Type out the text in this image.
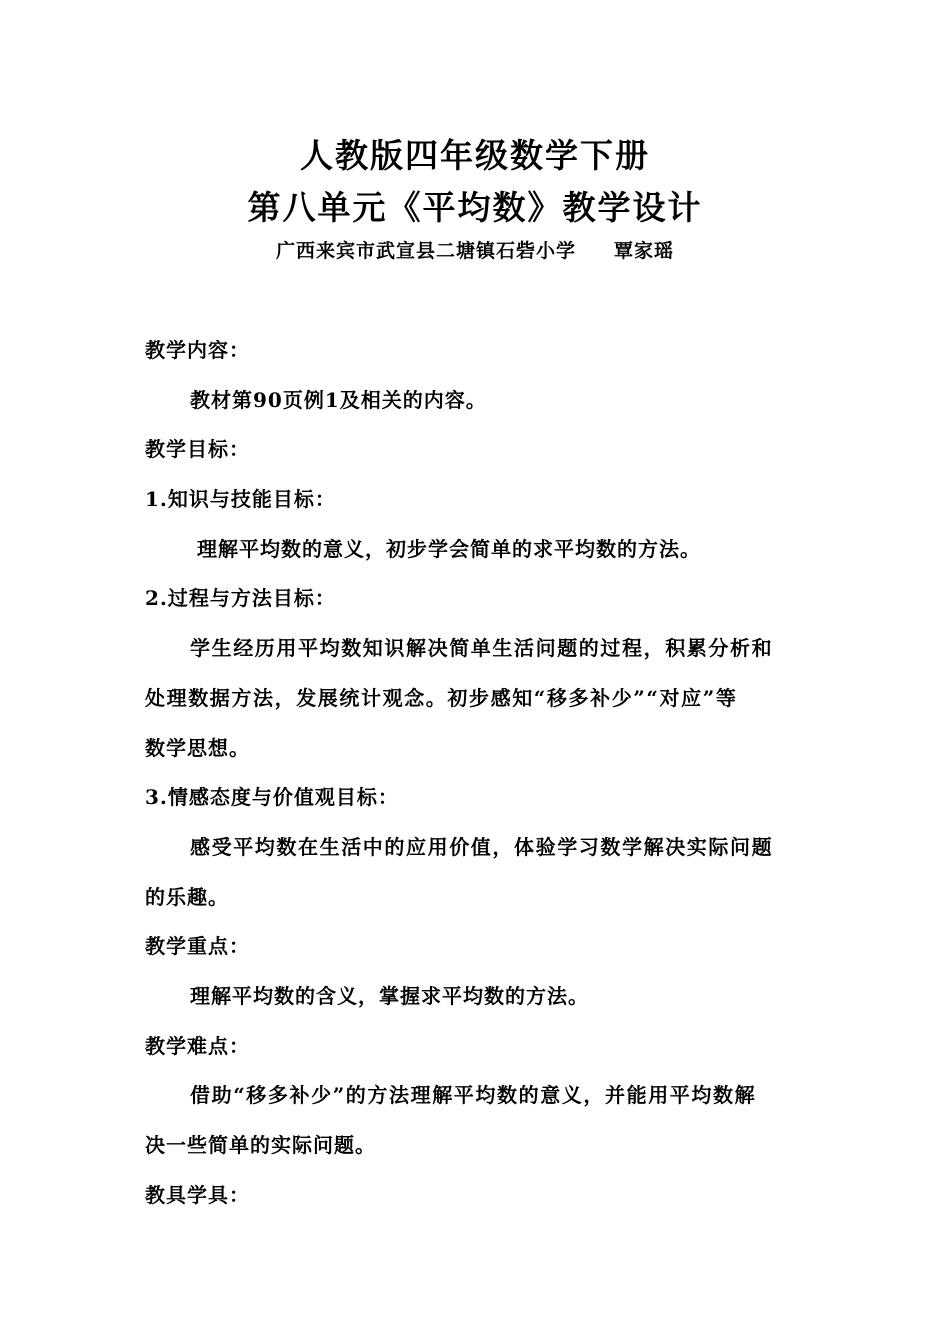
人教版四年级数学下册
第八单元《平均数》教学设计
广西来宾市武宣县二塘镇石砦小学 覃家瑶
教学内容：
教材第90页例1及相关的内容。
教学目标：
1.知识与技能目标：
理解平均数的意义，初步学会简单的求平均数的方法。
2.过程与方法目标：
学生经历用平均数知识解决简单生活问题的过程，积累分析和
处理数据方法，发展统计观念。初步感知“移多补少”“对应”等
数学思想。
3.情感态度与价值观目标：
感受平均数在生活中的应用价值，体验学习数学解决实际问题
的乐趣。
教学重点：
理解平均数的含义，掌握求平均数的方法。
教学难点：
借助“移多补少”的方法理解平均数的意义，并能用平均数解
决一些简单的实际问题。
教具学具：
